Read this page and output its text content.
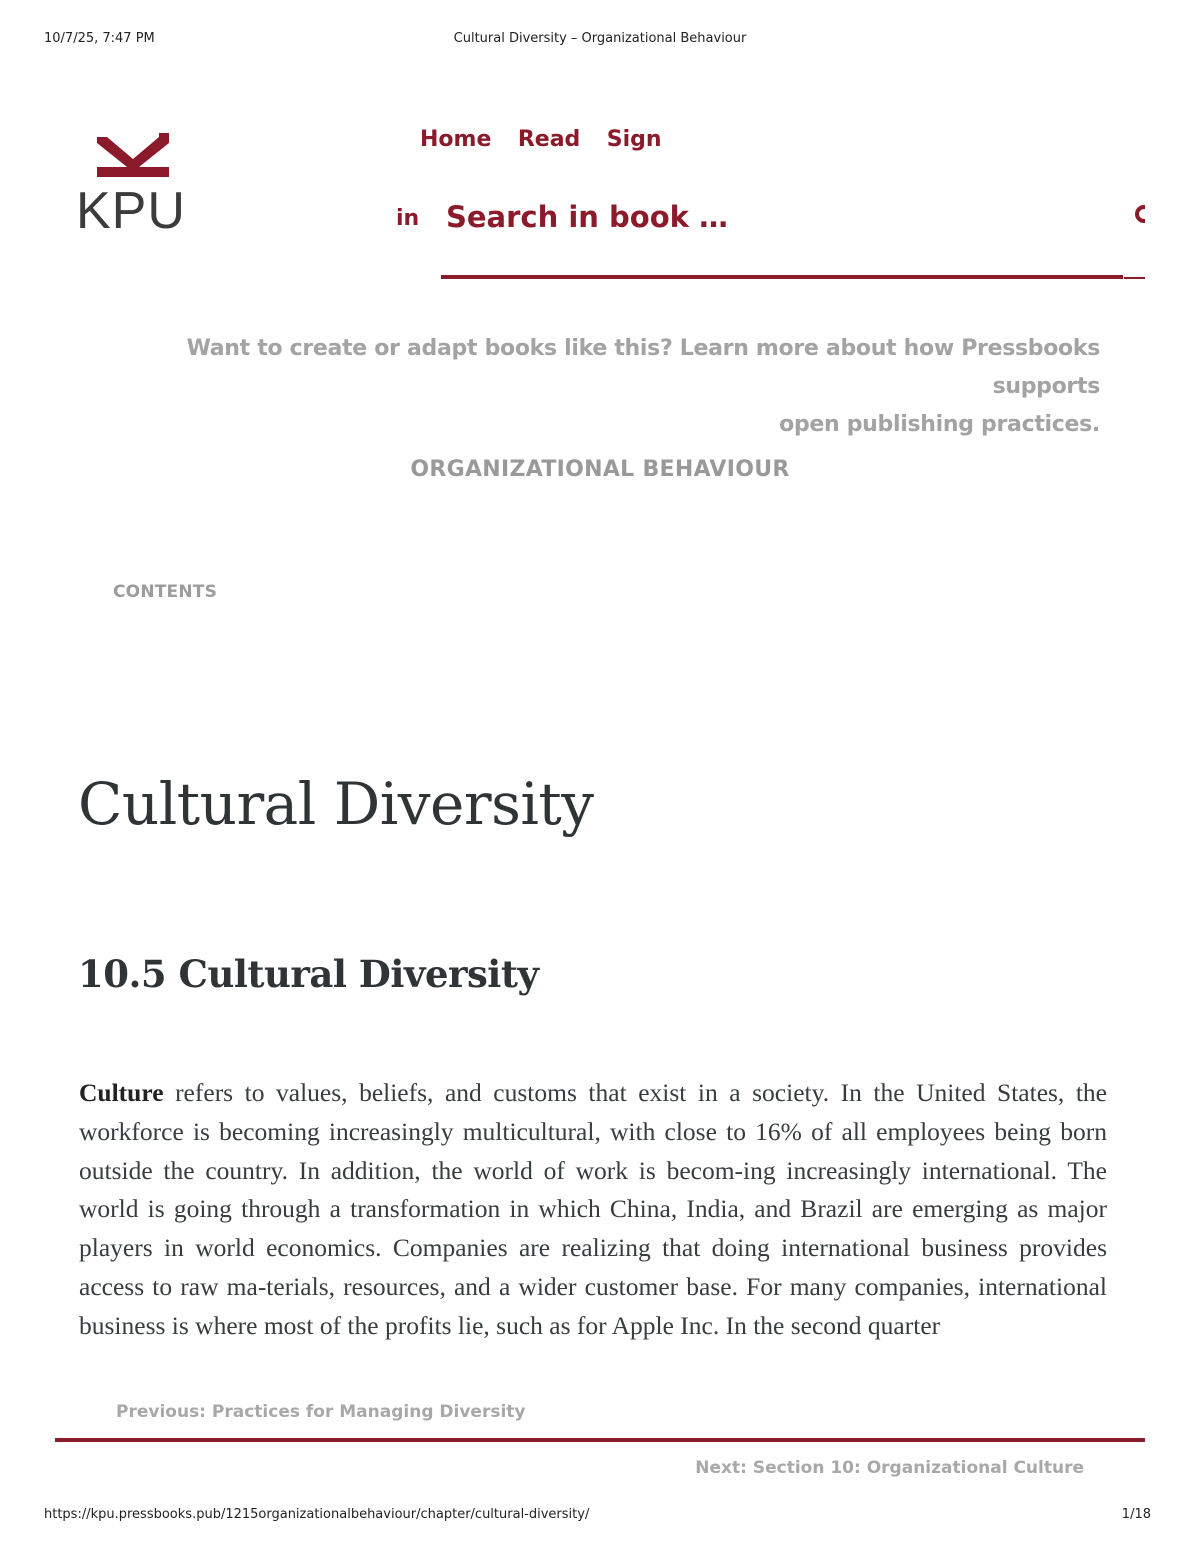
10/7/25, 7:47 PM	Cultural Diversity – Organizational Behaviour
KPU
Home Read Sign
in
Search in book …
Want to create or adapt books like this? Learn more about how Pressbooks supports
open publishing practices.
ORGANIZATIONAL BEHAVIOUR
CONTENTS
Cultural Diversity
10.5 Cultural Diversity

Culture refers to values, beliefs, and customs that exist in a society. In the United States, the workforce is becoming increasingly multicultural, with close to 16% of all employees being born outside the country. In addition, the world of work is becom-ing increasingly international. The world is going through a transformation in which China, India, and Brazil are emerging as major players in world economics. Companies are realizing that doing international business provides access to raw ma-terials, resources, and a wider customer base. For many companies, international business is where most of the profits lie, such as for Apple Inc. In the second quarter

Previous: Practices for Managing Diversity
Next: Section 10: Organizational Culture
https://kpu.pressbooks.pub/1215organizationalbehaviour/chapter/cultural-diversity/	1/18
